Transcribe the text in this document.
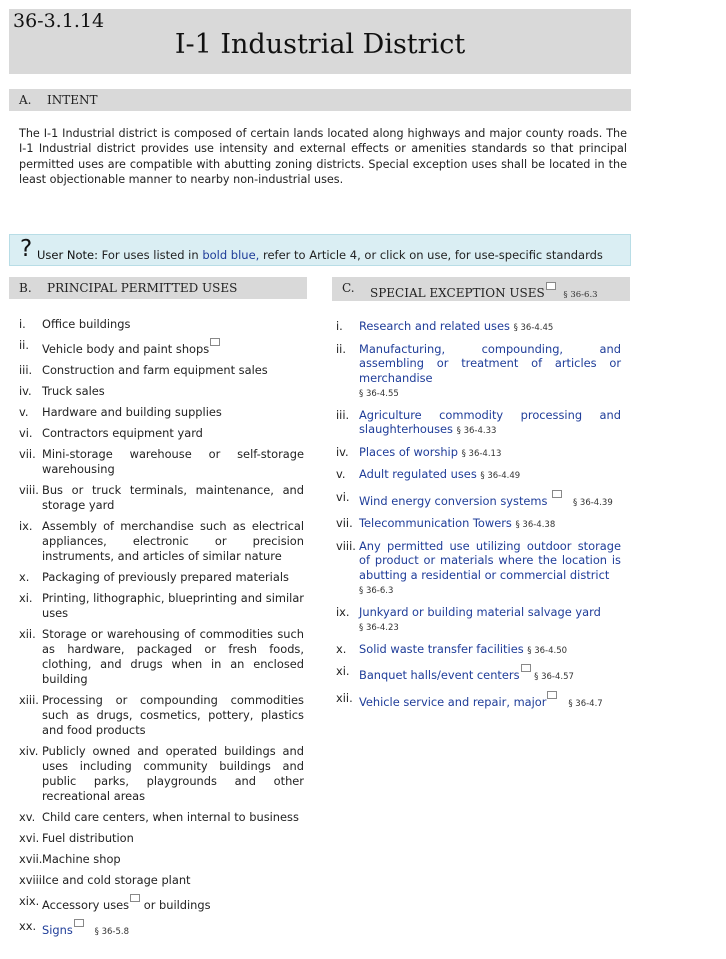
36-3.1.14
I-1 Industrial District
A. INTENT
The I-1 Industrial district is composed of certain lands located along highways and major county roads. The I-1 Industrial district provides use intensity and external effects or amenities standards so that principal permitted uses are compatible with abutting zoning districts. Special exception uses shall be located in the least objectionable manner to nearby non-industrial uses.
? User Note: For uses listed in bold blue, refer to Article 4, or click on use, for use-specific standards
B. PRINCIPAL PERMITTED USES
i. Office buildings
ii. Vehicle body and paint shops
iii. Construction and farm equipment sales
iv. Truck sales
v. Hardware and building supplies
vi. Contractors equipment yard
vii. Mini-storage warehouse or self-storage warehousing
viii. Bus or truck terminals, maintenance, and storage yard
ix. Assembly of merchandise such as electrical appliances, electronic or precision instruments, and articles of similar nature
x. Packaging of previously prepared materials
xi. Printing, lithographic, blueprinting and similar uses
xii. Storage or warehousing of commodities such as hardware, packaged or fresh foods, clothing, and drugs when in an enclosed building
xiii. Processing or compounding commodities such as drugs, cosmetics, pottery, plastics and food products
xiv. Publicly owned and operated buildings and uses including community buildings and public parks, playgrounds and other recreational areas
xv. Child care centers, when internal to business
xvi. Fuel distribution
xvii. Machine shop
xviii.
Ice and cold storage plant
xix. Accessory uses or buildings
xx. Signs	§ 36-5.8
C. SPECIAL EXCEPTION USES § 36-6.3
i. Research and related uses § 36-4.45
ii. Manufacturing, compounding, and assembling or treatment of articles or merchandise
§ 36-4.55
iii. Agriculture commodity processing and slaughterhouses § 36-4.33
iv. Places of worship § 36-4.13
v. Adult regulated uses § 36-4.49
vi. Wind energy conversion systems	§ 36-4.39
vii. Telecommunication Towers § 36-4.38
viii. Any permitted use utilizing outdoor storage of product or materials where the location is abutting a residential or commercial district
§ 36-6.3
ix. Junkyard or building material salvage yard
§ 36-4.23
x. Solid waste transfer facilities § 36-4.50
xi. Banquet halls/event centers § 36-4.57
xii. Vehicle service and repair, major	§ 36-4.7
